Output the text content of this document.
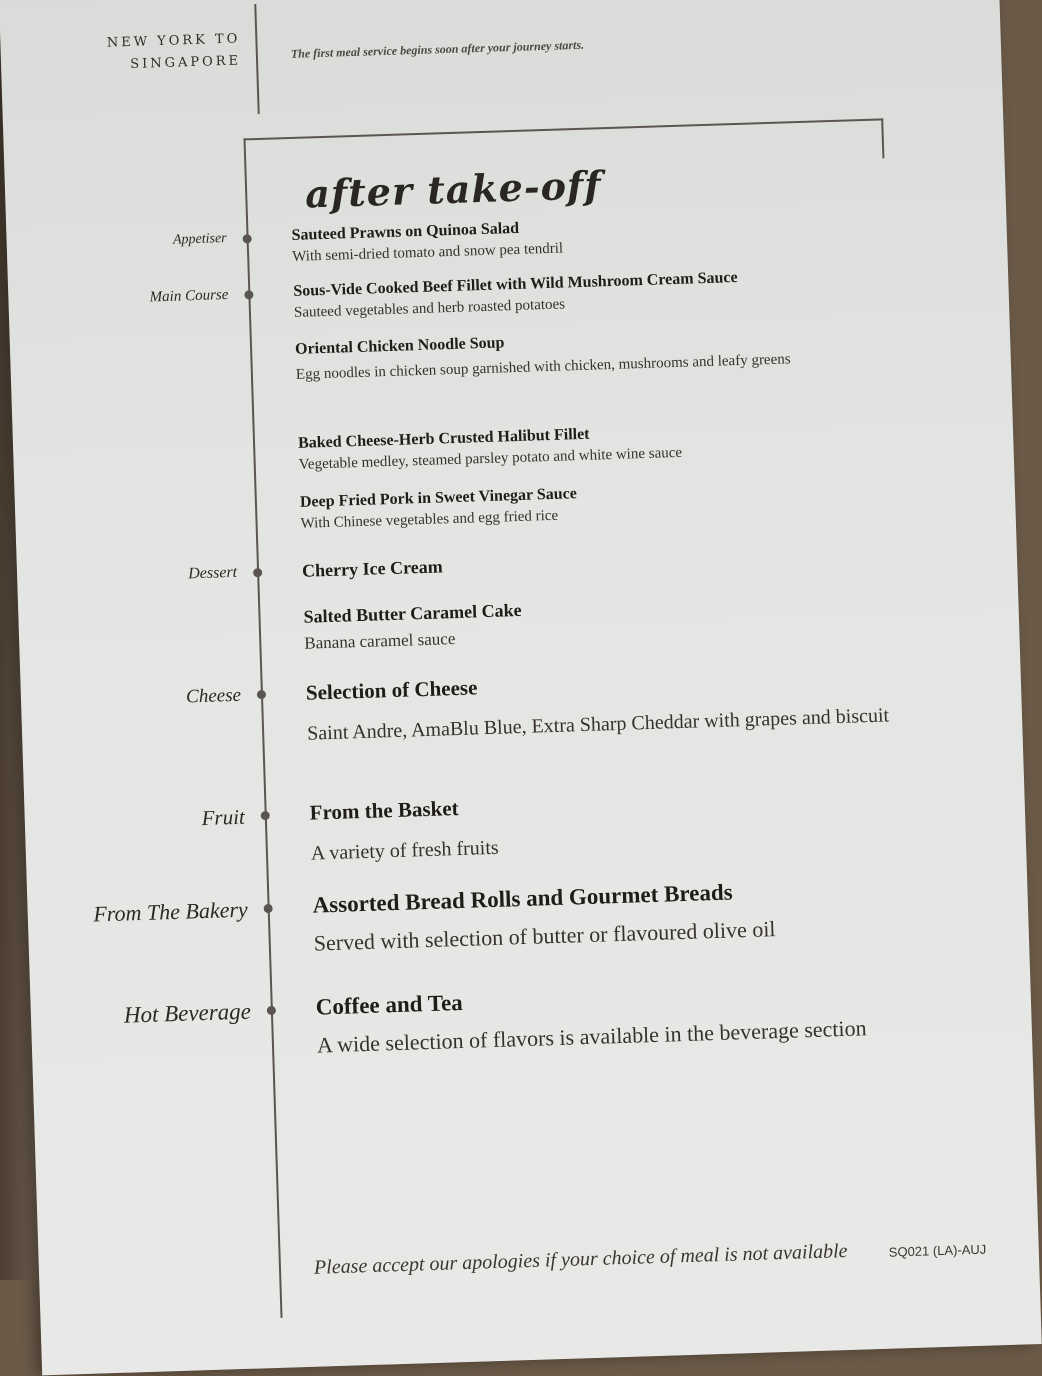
NEW YORK TO
SINGAPORE
The first meal service begins soon after your journey starts.
after take-off
Appetiser	Sauteed Prawns on Quinoa Salad
With semi-dried tomato and snow pea tendril
Main Course	Sous-Vide Cooked Beef Fillet with Wild Mushroom Cream Sauce
Sauteed vegetables and herb roasted potatoes
Oriental Chicken Noodle Soup
Egg noodles in chicken soup garnished with chicken, mushrooms and leafy greens
Baked Cheese-Herb Crusted Halibut Fillet
Vegetable medley, steamed parsley potato and white wine sauce
Deep Fried Pork in Sweet Vinegar Sauce
With Chinese vegetables and egg fried rice
Dessert	Cherry Ice Cream
Salted Butter Caramel Cake
Banana caramel sauce
Cheese	Selection of Cheese
Saint Andre, AmaBlu Blue, Extra Sharp Cheddar with grapes and biscuit
Fruit	From the Basket
A variety of fresh fruits
From The Bakery	Assorted Bread Rolls and Gourmet Breads
Served with selection of butter or flavoured olive oil
Hot Beverage	Coffee and Tea
A wide selection of flavors is available in the beverage section
Please accept our apologies if your choice of meal is not available	SQ021 (LA)-AUJ
